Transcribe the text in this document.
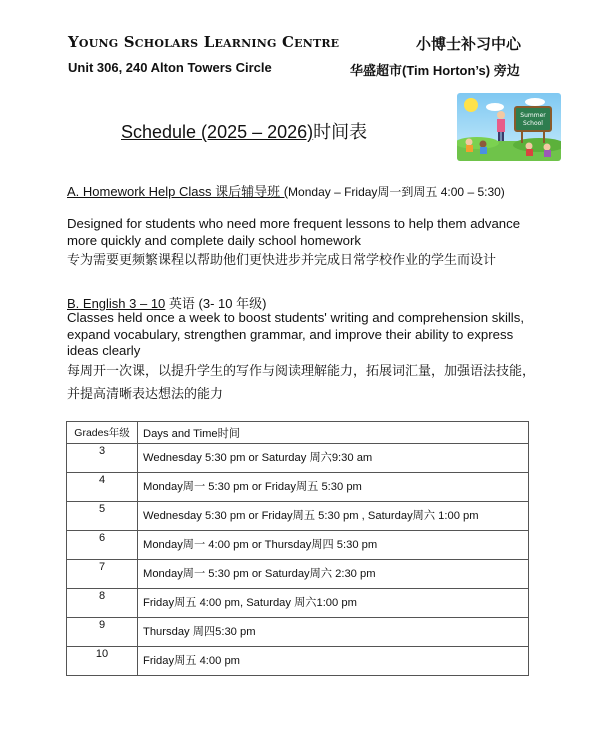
Young Scholars Learning Centre	小博士补习中心
Unit 306, 240 Alton Towers Circle	华盛超市(Tim Horton’s) 旁边
Summer
School
Schedule (2025 – 2026)时间表
A. Homework Help Class 课后辅导班 (Monday – Friday周一到周五 4:00 – 5:30)
Designed for students who need more frequent lessons to help them advance more quickly and complete daily school homework
专为需要更频繁课程以帮助他们更快进步并完成日常学校作业的学生而设计
B. English 3 – 10 英语 (3- 10 年级)
Classes held once a week to boost students' writing and comprehension skills, expand vocabulary, strengthen grammar, and improve their ability to express ideas clearly
每周开一次课，以提升学生的写作与阅读理解能力，拓展词汇量，加强语法技能，并提高清晰表达想法的能力
Grades年级	Days and Time时间
3	Wednesday 5:30 pm or Saturday 周六9:30 am
4	Monday周一 5:30 pm or Friday周五 5:30 pm
5	Wednesday 5:30 pm or Friday周五 5:30 pm , Saturday周六 1:00 pm
6	Monday周一 4:00 pm or Thursday周四 5:30 pm
7	Monday周一 5:30 pm or Saturday周六 2:30 pm
8	Friday周五 4:00 pm, Saturday 周六1:00 pm
9	Thursday 周四5:30 pm
10	Friday周五 4:00 pm
